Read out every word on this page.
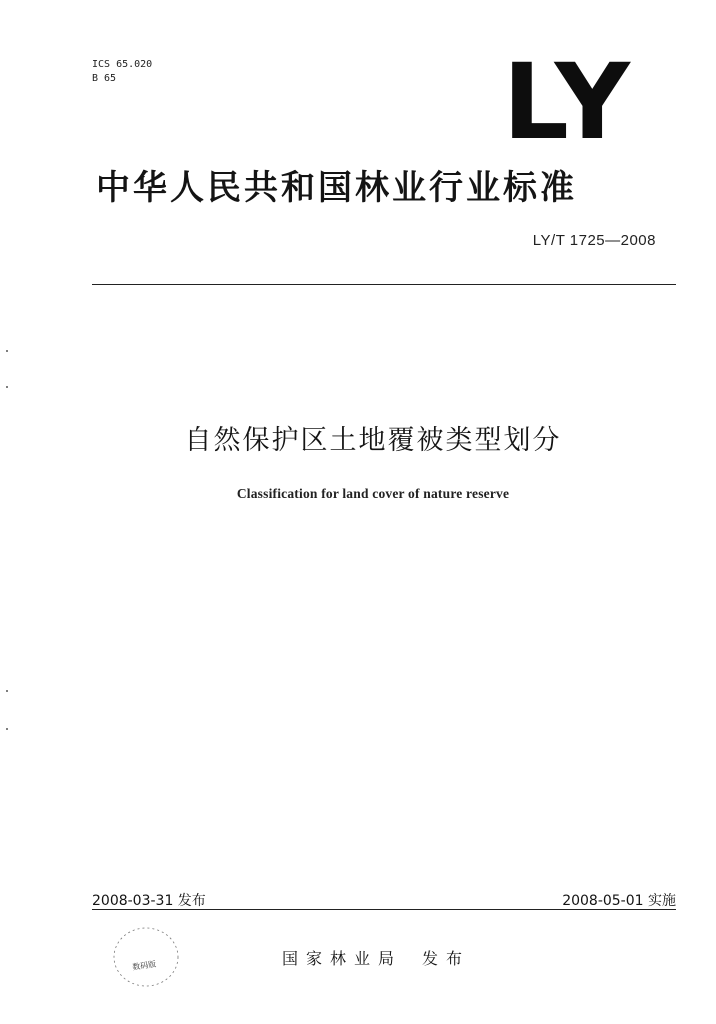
ICS 65.020
B 65	LY
中华人民共和国林业行业标准
LY/T 1725—2008
自然保护区土地覆被类型划分
Classification for land cover of nature reserve
2008-03-31 发布	2008-05-01 实施
数码版	国家林业局 发布
